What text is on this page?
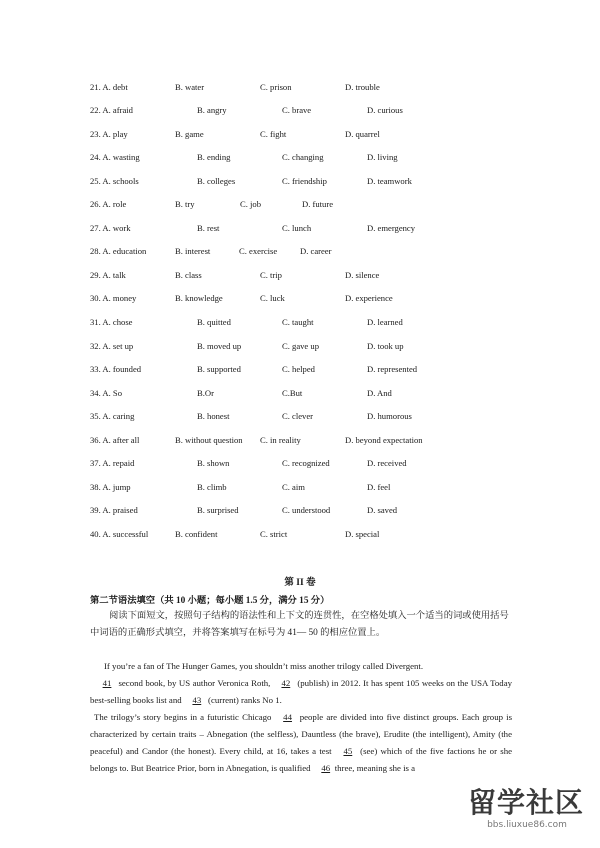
21. A. debt	B. water	C. prison	D. trouble
22. A. afraid	B. angry	C. brave	D. curious
23. A. play	B. game	C. fight	D. quarrel
24. A. wasting	B. ending	C. changing	D. living
25. A. schools	B. colleges	C. friendship	D. teamwork
26. A. role	B. try	C. job	D. future
27. A. work	B. rest	C. lunch	D. emergency
28. A. education	B. interest	C. exercise	D. career
29. A. talk	B. class	C. trip	D. silence
30. A. money	B. knowledge	C. luck	D. experience
31. A. chose	B. quitted	C. taught	D. learned
32. A. set up	B. moved up	C. gave up	D. took up
33. A. founded	B. supported	C. helped	D. represented
34. A. So	B.Or	C.But	D. And
35. A. caring	B. honest	C. clever	D. humorous
36. A. after all	B. without question C. in reality	D. beyond expectation
37. A. repaid	B. shown	C. recognized	D. received
38. A. jump	B. climb	C. aim	D. feel
39. A. praised	B. surprised	C. understood	D. saved
40. A. successful	B. confident	C. strict	D. special
第 II 卷
第二节语法填空（共 10 小题；每小题 1.5 分，满分 15 分）
阅读下面短文，按照句子结构的语法性和上下文的连贯性，在空格处填入一个适当的词或使用括号中词语的正确形式填空，并将答案填写在标号为 41— 50 的相应位置上。

If you’re a fan of The Hunger Games, you shouldn’t miss another trilogy called Divergent.

41 second book, by US author Veronica Roth, 42 (publish) in 2012. It has spent 105 weeks on the USA Today best-selling books list and 43 (current) ranks No 1.

The trilogy’s story begins in a futuristic Chicago 44 people are divided into five distinct groups. Each group is characterized by certain traits – Abnegation (the selfless), Dauntless (the brave), Erudite (the intelligent), Amity (the peaceful) and Candor (the honest). Every child, at 16, takes a test 45 (see) which of the five factions he or she belongs to. But Beatrice Prior, born in Abnegation, is qualified 46 three, meaning she is a

留学社区
bbs.liuxue86.com
